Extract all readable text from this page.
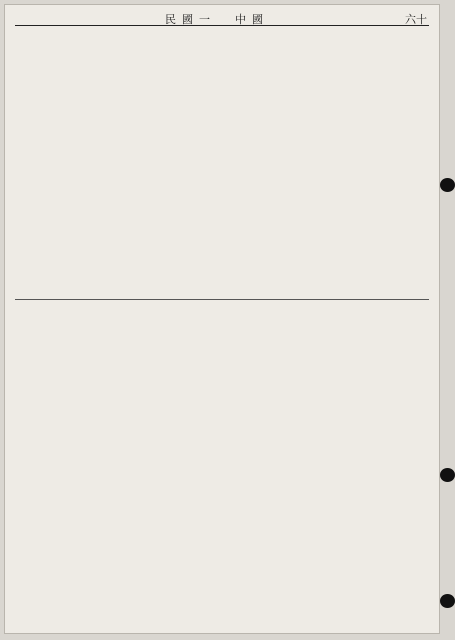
民國一 中國	六十
